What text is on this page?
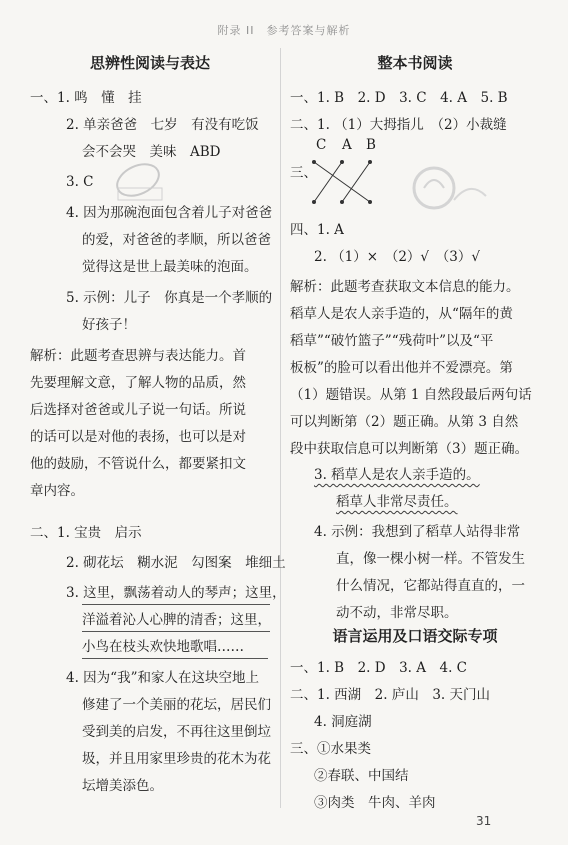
附录 II　参考答案与解析
思辨性阅读与表达
一、1. 鸣　懂　挂
2. 单亲爸爸　七岁　有没有吃饭
会不会哭　美味　ABD
3. C
4. 因为那碗泡面包含着儿子对爸爸
的爱，对爸爸的孝顺，所以爸爸
觉得这是世上最美味的泡面。
5. 示例：儿子　你真是一个孝顺的
好孩子！
解析：此题考查思辨与表达能力。首
先要理解文意，了解人物的品质，然
后选择对爸爸或儿子说一句话。所说
的话可以是对他的表扬，也可以是对
他的鼓励，不管说什么，都要紧扣文
章内容。
二、1. 宝贵　启示
2. 砌花坛　糊水泥　勾图案　堆细土
3. 这里，飘荡着动人的琴声；这里，
洋溢着沁人心脾的清香；这里，
小鸟在枝头欢快地歌唱……
4. 因为“我”和家人在这块空地上
修建了一个美丽的花坛，居民们
受到美的启发，不再往这里倒垃
圾，并且用家里珍贵的花木为花
坛增美添色。
整本书阅读
一、1. B　2. D　3. C　4. A　5. B
二、1. （1）大拇指儿　（2）小裁缝
三、
C A B
四、1. A
2. （1）×　（2）√　（3）√
解析：此题考查获取文本信息的能力。
稻草人是农人亲手造的，从“隔年的黄
稻草”“破竹篮子”“残荷叶”以及“平
板板”的脸可以看出他并不爱漂亮。第
（1）题错误。从第 1 自然段最后两句话
可以判断第（2）题正确。从第 3 自然
段中获取信息可以判断第（3）题正确。
3. 稻草人是农人亲手造的。
稻草人非常尽责任。
4. 示例：我想到了稻草人站得非常
直，像一棵小树一样。不管发生
什么情况，它都站得直直的，一
动不动，非常尽职。
语言运用及口语交际专项
一、1. B　2. D　3. A　4. C
二、1. 西湖　2. 庐山　3. 天门山
4. 洞庭湖
三、①水果类
②春联、中国结
③肉类　牛肉、羊肉
31
